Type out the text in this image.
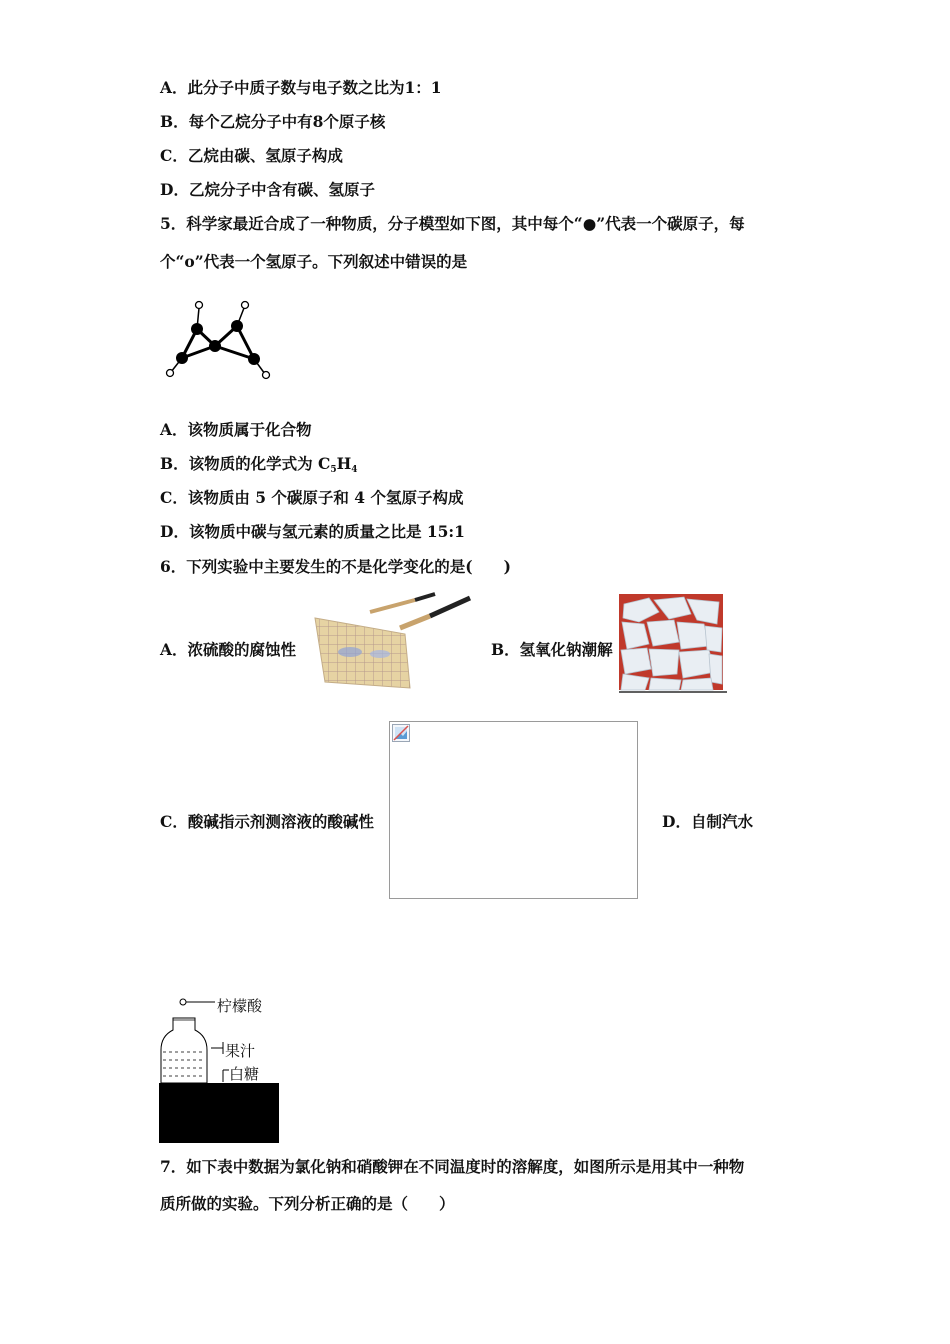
A．此分子中质子数与电子数之比为1：1
B．每个乙烷分子中有8个原子核
C．乙烷由碳、氢原子构成
D．乙烷分子中含有碳、氢原子
5．科学家最近合成了一种物质，分子模型如下图，其中每个“●”代表一个碳原子，每
个“o”代表一个氢原子。下列叙述中错误的是
A．该物质属于化合物
B．该物质的化学式为 $C_5H_4$
C．该物质由 5 个碳原子和 4 个氢原子构成
D．该物质中碳与氢元素的质量之比是 15:1
6．下列实验中主要发生的不是化学变化的是(　　)
A．浓硫酸的腐蚀性	B．氢氧化钠潮解
C．酸碱指示剂测溶液的酸碱性	D．自制汽水
柠檬酸
果汁
白糖
7．如下表中数据为氯化钠和硝酸钾在不同温度时的溶解度，如图所示是用其中一种物
质所做的实验。下列分析正确的是（　　）
